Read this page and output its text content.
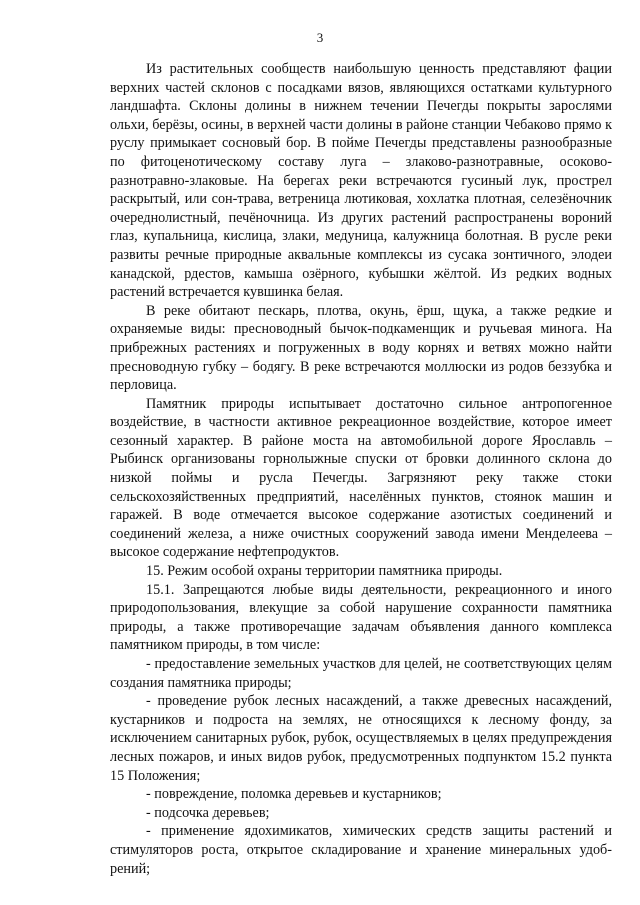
3

Из растительных сообществ наибольшую ценность представляют фации верхних частей склонов с посадками вязов, являющихся остатками культурного ландшафта. Склоны долины в нижнем течении Печегды покрыты зарослями ольхи, берёзы, осины, в верхней части долины в районе станции Чебаково прямо к руслу примыкает сосновый бор. В пойме Печегды представлены разнообразные по фитоценотическому составу луга – злаково-разнотравные, осоково-разнотравно-злаковые. На берегах реки встречаются гусиный лук, прострел раскрытый, или сон-трава, ветреница лютиковая, хохлатка плотная, селезёночник очереднолистный, печёночница. Из других растений распространены вороний глаз, купальница, кислица, злаки, медуница, калужница болотная. В русле реки развиты речные природные аквальные комплексы из сусака зонтичного, элодеи канадской, рдестов, камыша озёрного, кубышки жёлтой. Из редких водных растений встречается кувшинка белая.

В реке обитают пескарь, плотва, окунь, ёрш, щука, а также редкие и охраняемые виды: пресноводный бычок-подкаменщик и ручьевая минога. На прибрежных растениях и погруженных в воду корнях и ветвях можно найти пресноводную губку – бодягу. В реке встречаются моллюски из родов беззубка и перловица.

Памятник природы испытывает достаточно сильное антропогенное воздействие, в частности активное рекреационное воздействие, которое имеет сезонный характер. В районе моста на автомобильной дороге Ярославль – Рыбинск организованы горнолыжные спуски от бровки долинного склона до низкой поймы и русла Печегды. Загрязняют реку также стоки сельскохозяйственных предприятий, населённых пунктов, стоянок машин и гаражей. В воде отмечается высокое содержание азотистых соединений и соединений железа, а ниже очистных сооружений завода имени Менделеева – высокое содержание нефтепродуктов.

15. Режим особой охраны территории памятника природы.

15.1. Запрещаются любые виды деятельности, рекреационного и иного природопользования, влекущие за собой нарушение сохранности памятника природы, а также противоречащие задачам объявления данного комплекса памятником природы, в том числе:

- предоставление земельных участков для целей, не соответствующих целям создания памятника природы;

- проведение рубок лесных насаждений, а также древесных насаждений, кустарников и подроста на землях, не относящихся к лесному фонду, за исключением санитарных рубок, рубок, осуществляемых в целях предупреждения лесных пожаров, и иных видов рубок, предусмотренных подпунктом 15.2 пункта 15 Положения;

- повреждение, поломка деревьев и кустарников;

- подсочка деревьев;

- применение ядохимикатов, химических средств защиты растений и стимуляторов роста, открытое складирование и хранение минеральных удоб-рений;
